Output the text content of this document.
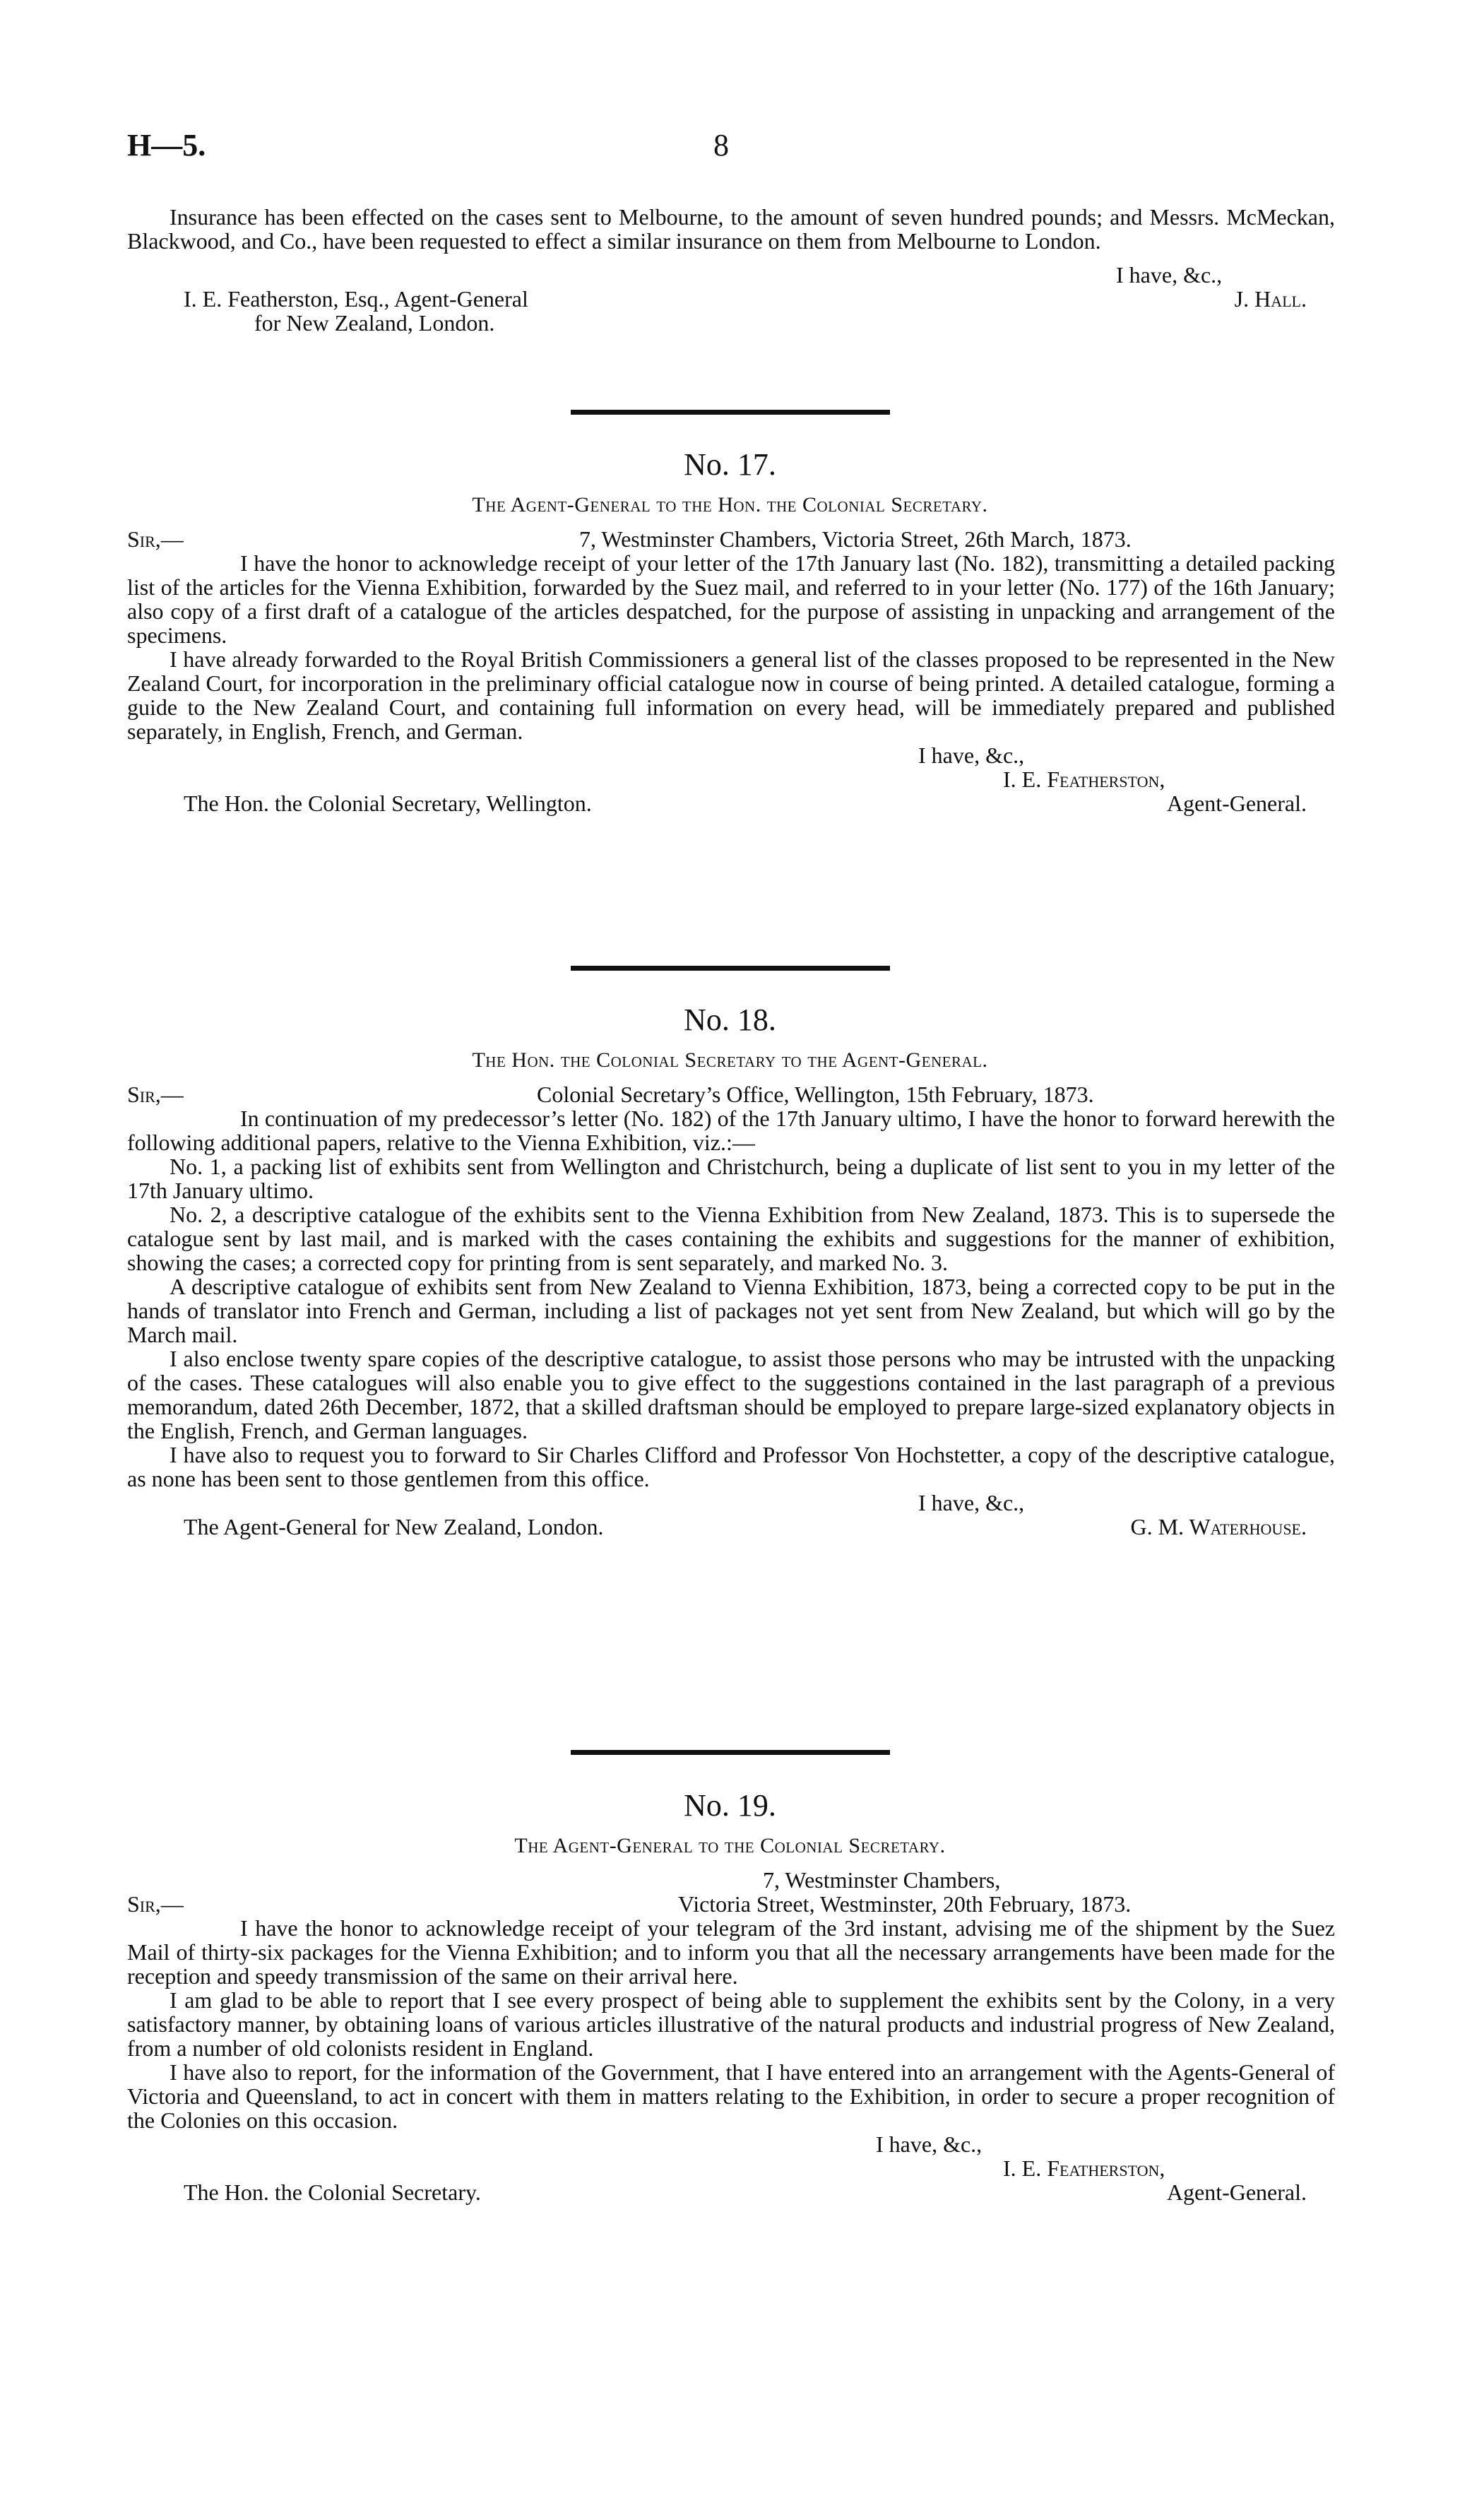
H—5.	8

Insurance has been effected on the cases sent to Melbourne, to the amount of seven hundred pounds; and Messrs. McMeckan, Blackwood, and Co., have been requested to effect a similar insurance on them from Melbourne to London.

I have, &c.,
I. E. Featherston, Esq., Agent-General	J. Hall.
for New Zealand, London.
No. 17.
The Agent-General to the Hon. the Colonial Secretary.
Sir,—	7, Westminster Chambers, Victoria Street, 26th March, 1873.

I have the honor to acknowledge receipt of your letter of the 17th January last (No. 182), transmitting a detailed packing list of the articles for the Vienna Exhibition, forwarded by the Suez mail, and referred to in your letter (No. 177) of the 16th January; also copy of a first draft of a catalogue of the articles despatched, for the purpose of assisting in unpacking and arrangement of the specimens.

I have already forwarded to the Royal British Commissioners a general list of the classes proposed to be represented in the New Zealand Court, for incorporation in the preliminary official catalogue now in course of being printed. A detailed catalogue, forming a guide to the New Zealand Court, and containing full information on every head, will be immediately prepared and published separately, in English, French, and German.

I have, &c.,
I. E. Featherston,
The Hon. the Colonial Secretary, Wellington.	Agent-General.
No. 18.
The Hon. the Colonial Secretary to the Agent-General.
Sir,—	Colonial Secretary’s Office, Wellington, 15th February, 1873.

In continuation of my predecessor’s letter (No. 182) of the 17th January ultimo, I have the honor to forward herewith the following additional papers, relative to the Vienna Exhibition, viz.:—

No. 1, a packing list of exhibits sent from Wellington and Christchurch, being a duplicate of list sent to you in my letter of the 17th January ultimo.

No. 2, a descriptive catalogue of the exhibits sent to the Vienna Exhibition from New Zealand, 1873. This is to supersede the catalogue sent by last mail, and is marked with the cases containing the exhibits and suggestions for the manner of exhibition, showing the cases; a corrected copy for printing from is sent separately, and marked No. 3.

A descriptive catalogue of exhibits sent from New Zealand to Vienna Exhibition, 1873, being a corrected copy to be put in the hands of translator into French and German, including a list of packages not yet sent from New Zealand, but which will go by the March mail.

I also enclose twenty spare copies of the descriptive catalogue, to assist those persons who may be intrusted with the unpacking of the cases. These catalogues will also enable you to give effect to the suggestions contained in the last paragraph of a previous memorandum, dated 26th December, 1872, that a skilled draftsman should be employed to prepare large-sized explanatory objects in the English, French, and German languages.

I have also to request you to forward to Sir Charles Clifford and Professor Von Hochstetter, a copy of the descriptive catalogue, as none has been sent to those gentlemen from this office.

I have, &c.,
The Agent-General for New Zealand, London.	G. M. Waterhouse.
No. 19.
The Agent-General to the Colonial Secretary.
7, Westminster Chambers,
Sir,—	Victoria Street, Westminster, 20th February, 1873.

I have the honor to acknowledge receipt of your telegram of the 3rd instant, advising me of the shipment by the Suez Mail of thirty-six packages for the Vienna Exhibition; and to inform you that all the necessary arrangements have been made for the reception and speedy transmission of the same on their arrival here.

I am glad to be able to report that I see every prospect of being able to supplement the exhibits sent by the Colony, in a very satisfactory manner, by obtaining loans of various articles illustrative of the natural products and industrial progress of New Zealand, from a number of old colonists resident in England.

I have also to report, for the information of the Government, that I have entered into an arrangement with the Agents-General of Victoria and Queensland, to act in concert with them in matters relating to the Exhibition, in order to secure a proper recognition of the Colonies on this occasion.

I have, &c.,
I. E. Featherston,
The Hon. the Colonial Secretary.	Agent-General.
